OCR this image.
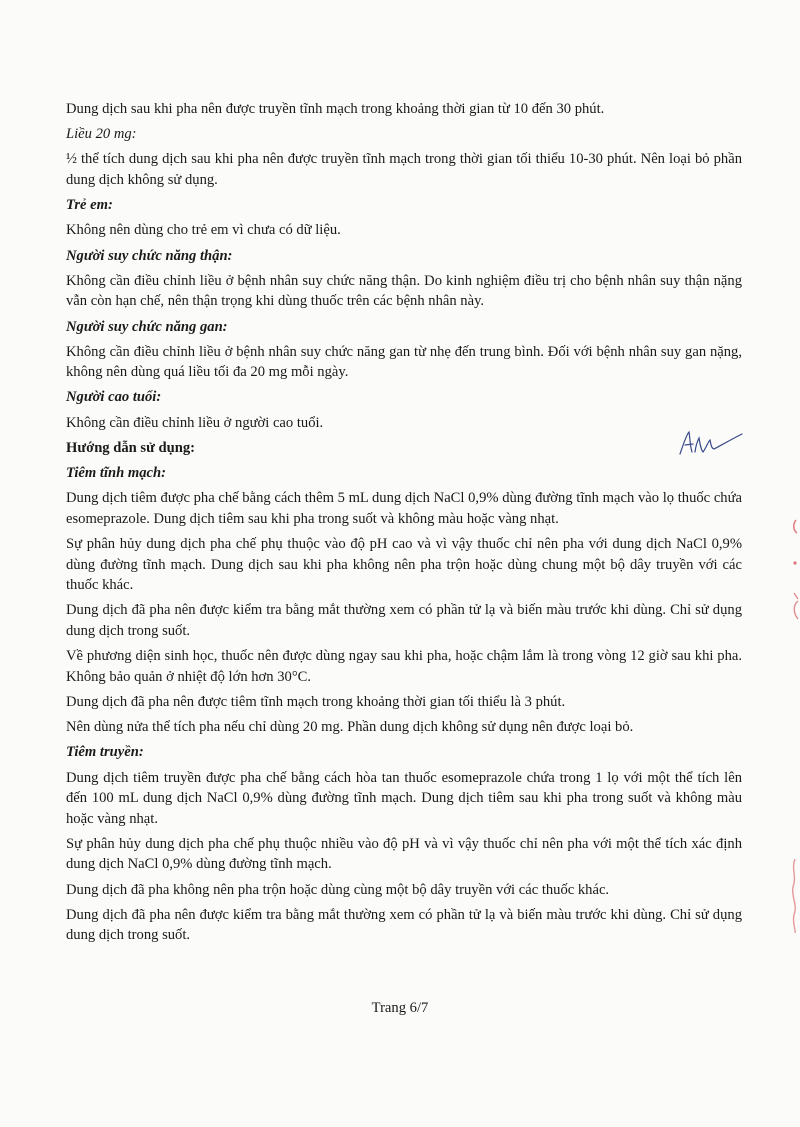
Dung dịch sau khi pha nên được truyền tĩnh mạch trong khoảng thời gian từ 10 đến 30 phút.
Liều 20 mg:
½ thể tích dung dịch sau khi pha nên được truyền tĩnh mạch trong thời gian tối thiểu 10-30 phút. Nên loại bỏ phần dung dịch không sử dụng.
Trẻ em:
Không nên dùng cho trẻ em vì chưa có dữ liệu.
Người suy chức năng thận:
Không cần điều chỉnh liều ở bệnh nhân suy chức năng thận. Do kinh nghiệm điều trị cho bệnh nhân suy thận nặng vẫn còn hạn chế, nên thận trọng khi dùng thuốc trên các bệnh nhân này.
Người suy chức năng gan:
Không cần điều chỉnh liều ở bệnh nhân suy chức năng gan từ nhẹ đến trung bình. Đối với bệnh nhân suy gan nặng, không nên dùng quá liều tối đa 20 mg mỗi ngày.
Người cao tuổi:
Không cần điều chỉnh liều ở người cao tuổi.
Hướng dẫn sử dụng:
Tiêm tĩnh mạch:
Dung dịch tiêm được pha chế bằng cách thêm 5 mL dung dịch NaCl 0,9% dùng đường tĩnh mạch vào lọ thuốc chứa esomeprazole. Dung dịch tiêm sau khi pha trong suốt và không màu hoặc vàng nhạt.
Sự phân hủy dung dịch pha chế phụ thuộc vào độ pH cao và vì vậy thuốc chỉ nên pha với dung dịch NaCl 0,9% dùng đường tĩnh mạch. Dung dịch sau khi pha không nên pha trộn hoặc dùng chung một bộ dây truyền với các thuốc khác.
Dung dịch đã pha nên được kiểm tra bằng mắt thường xem có phần tử lạ và biến màu trước khi dùng. Chỉ sử dụng dung dịch trong suốt.
Về phương diện sinh học, thuốc nên được dùng ngay sau khi pha, hoặc chậm lắm là trong vòng 12 giờ sau khi pha. Không bảo quản ở nhiệt độ lớn hơn 30°C.
Dung dịch đã pha nên được tiêm tĩnh mạch trong khoảng thời gian tối thiểu là 3 phút.
Nên dùng nửa thể tích pha nếu chỉ dùng 20 mg. Phần dung dịch không sử dụng nên được loại bỏ.
Tiêm truyền:
Dung dịch tiêm truyền được pha chế bằng cách hòa tan thuốc esomeprazole chứa trong 1 lọ với một thể tích lên đến 100 mL dung dịch NaCl 0,9% dùng đường tĩnh mạch. Dung dịch tiêm sau khi pha trong suốt và không màu hoặc vàng nhạt.
Sự phân hủy dung dịch pha chế phụ thuộc nhiều vào độ pH và vì vậy thuốc chỉ nên pha với một thể tích xác định dung dịch NaCl 0,9% dùng đường tĩnh mạch.
Dung dịch đã pha không nên pha trộn hoặc dùng cùng một bộ dây truyền với các thuốc khác.
Dung dịch đã pha nên được kiểm tra bằng mắt thường xem có phần tử lạ và biến màu trước khi dùng. Chỉ sử dụng dung dịch trong suốt.
Trang 6/7
